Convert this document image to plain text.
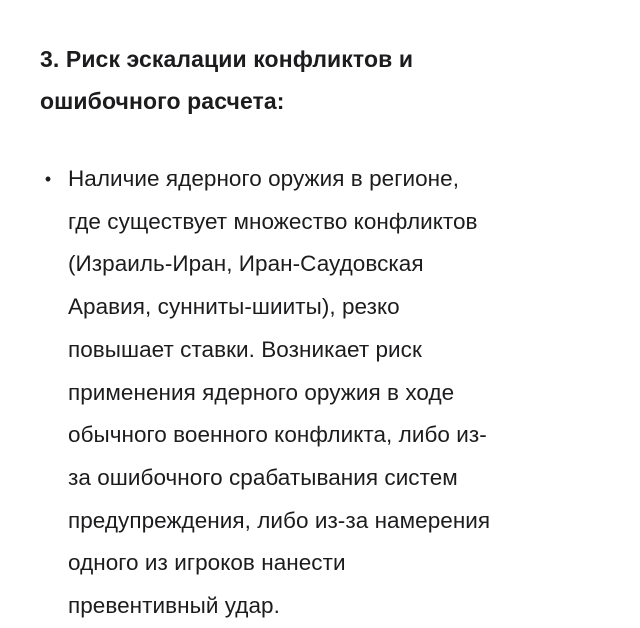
3. Риск эскалации конфликтов и
ошибочного расчета:
• Наличие ядерного оружия в регионе,
где существует множество конфликтов
(Израиль-Иран, Иран-Саудовская
Аравия, сунниты-шииты), резко
повышает ставки. Возникает риск
применения ядерного оружия в ходе
обычного военного конфликта, либо из-
за ошибочного срабатывания систем
предупреждения, либо из-за намерения
одного из игроков нанести
превентивный удар.
